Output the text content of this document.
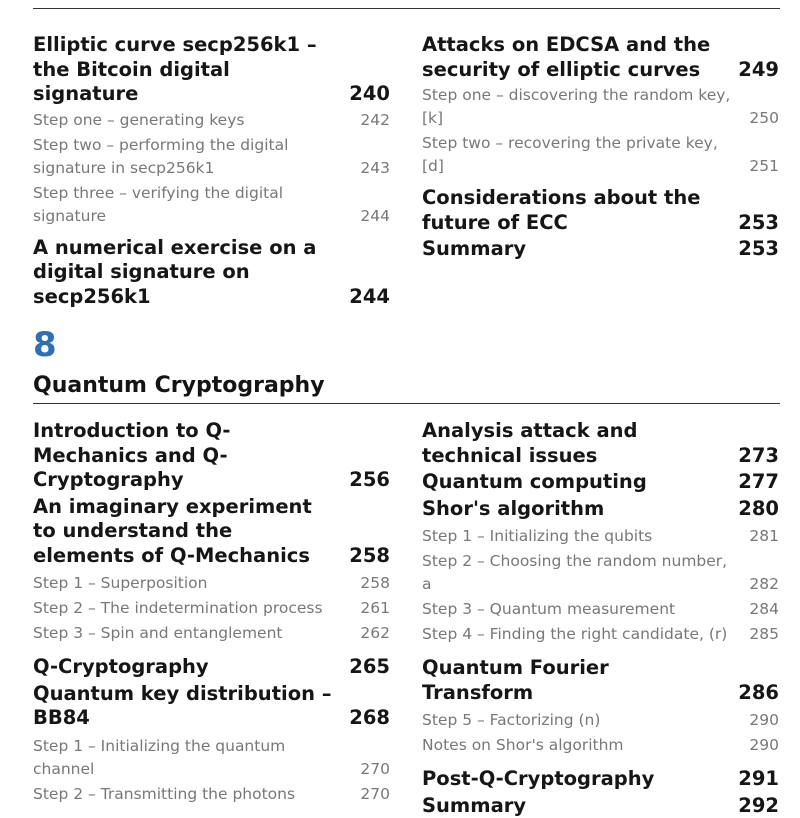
Elliptic curve secp256k1 – the Bitcoin digital signature	240
Step one – generating keys	242
Step two – performing the digital signature in secp256k1	243
Step three – verifying the digital signature	244
A numerical exercise on a digital signature on secp256k1	244
Attacks on EDCSA and the security of elliptic curves	249
Step one – discovering the random key, [k]	250
Step two – recovering the private key, [d]	251
Considerations about the future of ECC	253
Summary	253
8
Quantum Cryptography
Introduction to Q-Mechanics and Q-Cryptography	256
An imaginary experiment to understand the elements of Q-Mechanics	258
Step 1 – Superposition	258
Step 2 – The indetermination process	261
Step 3 – Spin and entanglement	262
Q-Cryptography	265
Quantum key distribution – BB84	268
Step 1 – Initializing the quantum channel	270
Step 2 – Transmitting the photons	270
Analysis attack and technical issues	273
Quantum computing	277
Shor's algorithm	280
Step 1 – Initializing the qubits	281
Step 2 – Choosing the random number, a	282
Step 3 – Quantum measurement	284
Step 4 – Finding the right candidate, (r)	285
Quantum Fourier Transform	286
Step 5 – Factorizing (n)	290
Notes on Shor's algorithm	290
Post-Q-Cryptography	291
Summary	292
